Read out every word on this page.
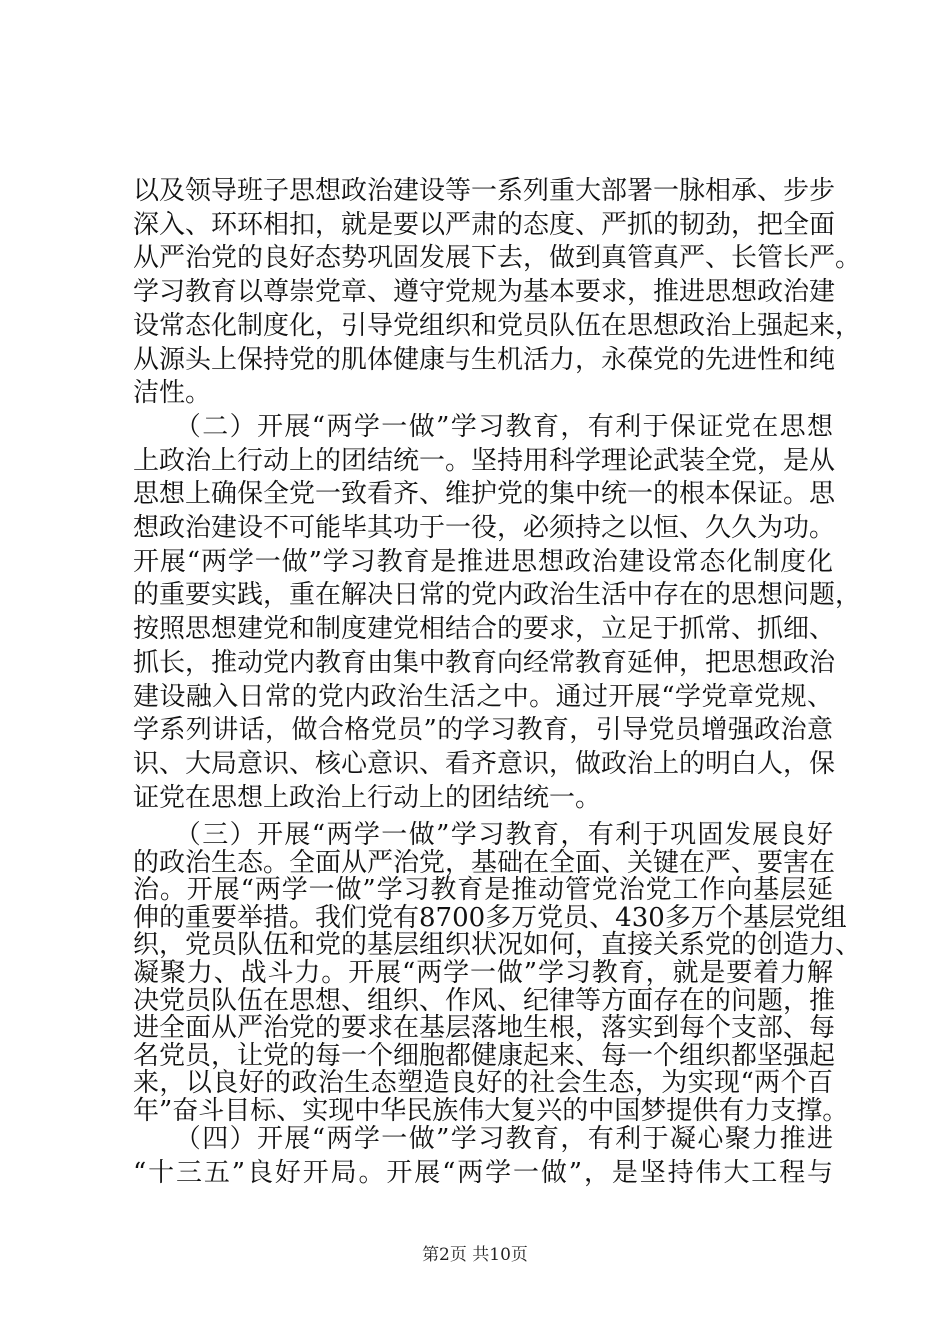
以及领导班子思想政治建设等一系列重大部署一脉相承、步步
深入、环环相扣，就是要以严肃的态度、严抓的韧劲，把全面
从严治党的良好态势巩固发展下去，做到真管真严、长管长严。
学习教育以尊崇党章、遵守党规为基本要求，推进思想政治建
设常态化制度化，引导党组织和党员队伍在思想政治上强起来，
从源头上保持党的肌体健康与生机活力，永葆党的先进性和纯
洁性。
　　（二）开展“两学一做”学习教育，有利于保证党在思想
上政治上行动上的团结统一。坚持用科学理论武装全党，是从
思想上确保全党一致看齐、维护党的集中统一的根本保证。思
想政治建设不可能毕其功于一役，必须持之以恒、久久为功。
开展“两学一做”学习教育是推进思想政治建设常态化制度化
的重要实践，重在解决日常的党内政治生活中存在的思想问题，
按照思想建党和制度建党相结合的要求，立足于抓常、抓细、
抓长，推动党内教育由集中教育向经常教育延伸，把思想政治
建设融入日常的党内政治生活之中。通过开展“学党章党规、
学系列讲话，做合格党员”的学习教育，引导党员增强政治意
识、大局意识、核心意识、看齐意识，做政治上的明白人，保
证党在思想上政治上行动上的团结统一。
　　（三）开展“两学一做”学习教育，有利于巩固发展良好
的政治生态。全面从严治党，基础在全面、关键在严、要害在
治。开展“两学一做”学习教育是推动管党治党工作向基层延
伸的重要举措。我们党有8700多万党员、430多万个基层党组
织，党员队伍和党的基层组织状况如何，直接关系党的创造力、
凝聚力、战斗力。开展“两学一做”学习教育，就是要着力解
决党员队伍在思想、组织、作风、纪律等方面存在的问题，推
进全面从严治党的要求在基层落地生根，落实到每个支部、每
名党员，让党的每一个细胞都健康起来、每一个组织都坚强起
来，以良好的政治生态塑造良好的社会生态，为实现“两个百
年”奋斗目标、实现中华民族伟大复兴的中国梦提供有力支撑。
　　（四）开展“两学一做”学习教育，有利于凝心聚力推进
“十三五”良好开局。开展“两学一做”，是坚持伟大工程与
第2页 共10页
